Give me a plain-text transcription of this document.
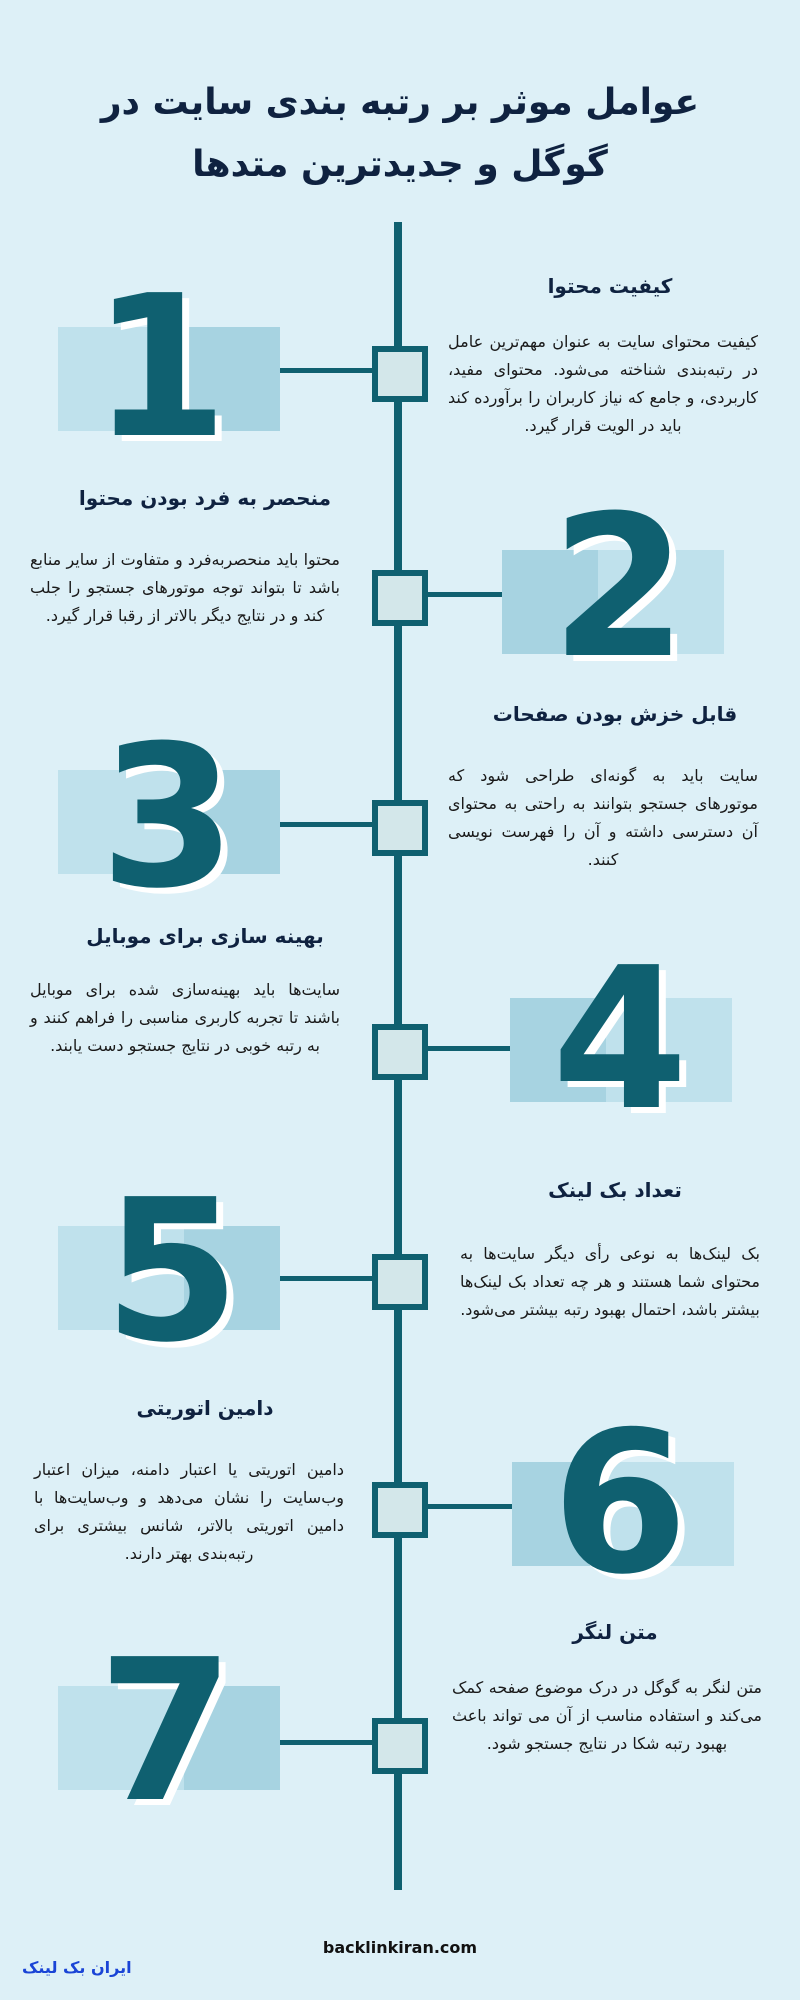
عوامل موثر بر رتبه بندی سایت در
گوگل و جدیدترین متدها
1	کیفیت محتوا
کیفیت محتوای سایت به عنوان مهم‌ترین عامل در رتبه‌بندی شناخته می‌شود. محتوای مفید، کاربردی، و جامع که نیاز کاربران را برآورده کند باید در الویت قرار گیرد.
2
منحصر به فرد بودن محتوا
محتوا باید منحصربه‌فرد و متفاوت از سایر منابع باشد تا بتواند توجه موتورهای جستجو را جلب کند و در نتایج دیگر بالاتر از رقبا قرار گیرد.
3	قابل خزش بودن صفحات
سایت باید به گونه‌ای طراحی شود که موتورهای جستجو بتوانند به راحتی به محتوای آن دسترسی داشته و آن را فهرست نویسی کنند.
4
بهینه سازی برای موبایل
سایت‌ها باید بهینه‌سازی شده برای موبایل باشند تا تجربه کاربری مناسبی را فراهم کنند و به رتبه خوبی در نتایج جستجو دست یابند.
5	تعداد بک لینک
بک لینک‌ها به نوعی رأی دیگر سایت‌ها به محتوای شما هستند و هر چه تعداد بک لینک‌ها بیشتر باشد، احتمال بهبود رتبه بیشتر می‌شود.
6
دامین اتوریتی
دامین اتوریتی یا اعتبار دامنه، میزان اعتبار وب‌سایت را نشان می‌دهد و وب‌سایت‌ها با دامین اتوریتی بالاتر، شانس بیشتری برای رتبه‌بندی بهتر دارند.
7	متن لنگر
متن لنگر به گوگل در درک موضوع صفحه کمک می‌کند و استفاده مناسب از آن می تواند باعث بهبود رتبه شکا در نتایج جستجو شود.
backlinkiran.com
ایران بک لینک
